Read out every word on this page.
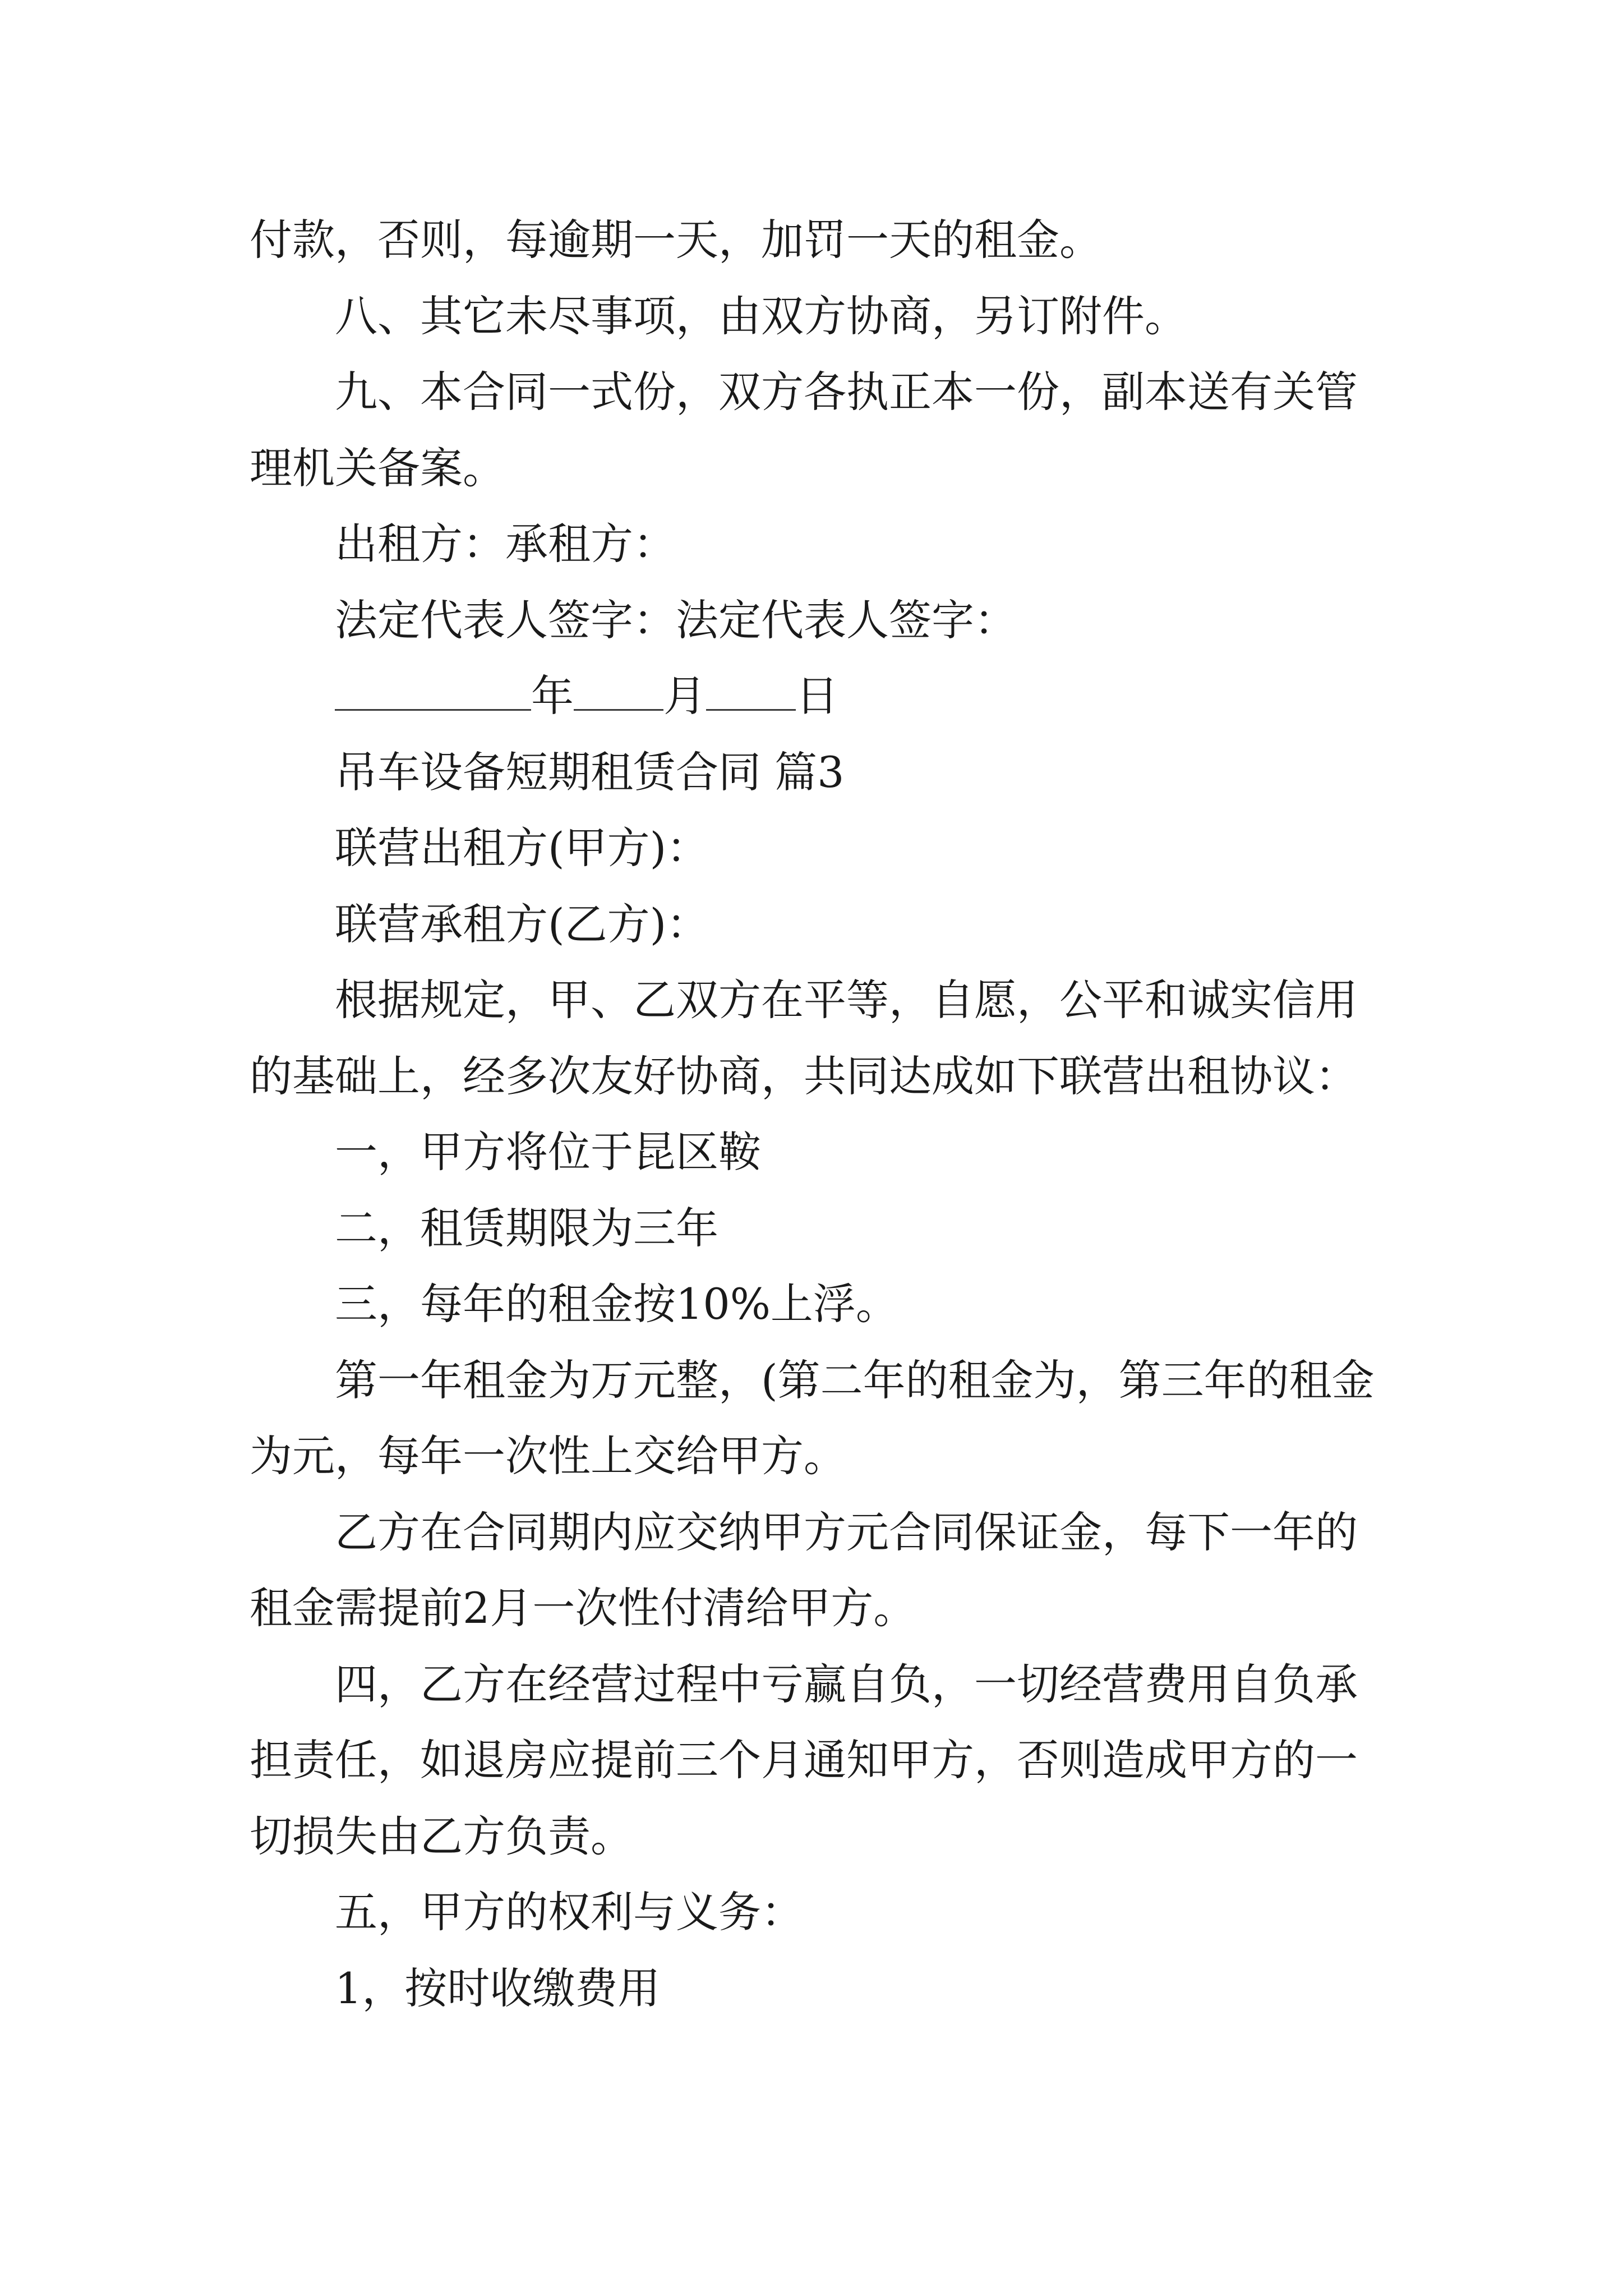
付款，否则，每逾期一天，加罚一天的租金。

八、其它未尽事项，由双方协商，另订附件。

九、本合同一式份，双方各执正本一份，副本送有关管理机关备案。

出租方：承租方：

法定代表人签字：法定代表人签字：

年 月 日

吊车设备短期租赁合同 篇3

联营出租方(甲方)：

联营承租方(乙方)：

根据规定，甲、乙双方在平等，自愿，公平和诚实信用的基础上，经多次友好协商，共同达成如下联营出租协议：

一，甲方将位于昆区鞍

二，租赁期限为三年

三，每年的租金按10%上浮。

第一年租金为万元整，(第二年的租金为，第三年的租金为元，每年一次性上交给甲方。

乙方在合同期内应交纳甲方元合同保证金，每下一年的租金需提前2月一次性付清给甲方。

四，乙方在经营过程中亏赢自负，一切经营费用自负承担责任，如退房应提前三个月通知甲方，否则造成甲方的一切损失由乙方负责。

五，甲方的权利与义务：

1，按时收缴费用
